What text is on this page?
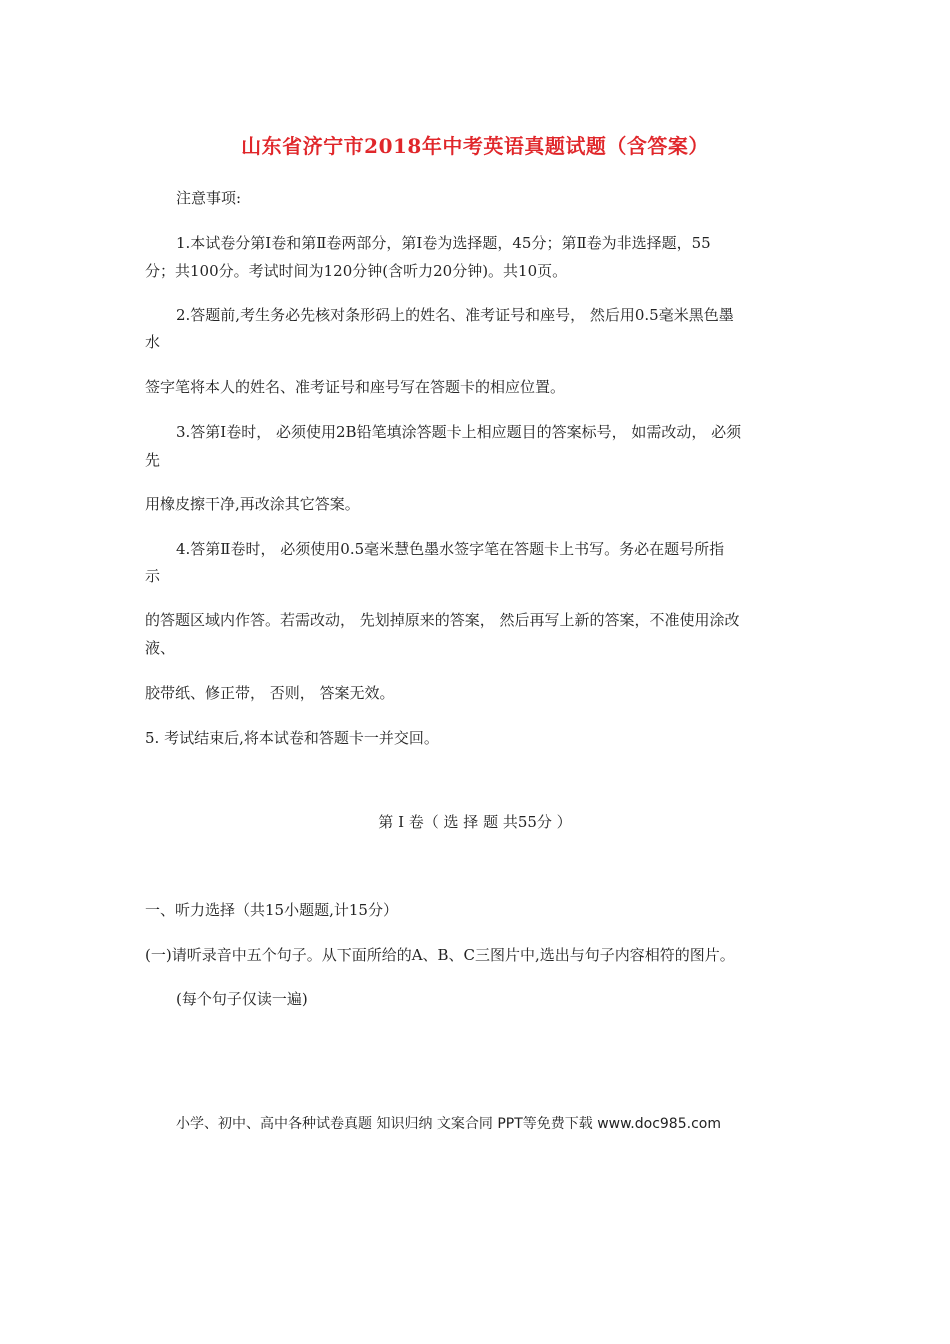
山东省济宁市2018年中考英语真题试题（含答案）

注意事项:

1.本试卷分第Ⅰ卷和第Ⅱ卷两部分，第Ⅰ卷为选择题，45分；第Ⅱ卷为非选择题，55

分；共100分。考试时间为120分钟(含听力20分钟)。共10页。

2.答题前,考生务必先核对条形码上的姓名、准考证号和座号， 然后用0.5毫米黑色墨

水

签字笔将本人的姓名、准考证号和座号写在答题卡的相应位置。

3.答第Ⅰ卷时， 必须使用2B铅笔填涂答题卡上相应题目的答案标号， 如需改动， 必须

先

用橡皮擦干净,再改涂其它答案。

4.答第Ⅱ卷时， 必须使用0.5毫米慧色墨水签字笔在答题卡上书写。务必在题号所指

示

的答题区域内作答。若需改动， 先划掉原来的答案， 然后再写上新的答案，不准使用涂改

液、

胶带纸、修正带， 否则， 答案无效。

5. 考试结束后,将本试卷和答题卡一并交回。

第 Ⅰ 卷（ 选 择 题 共55分 ）

一、听力选择（共15小题题,计15分）

(一)请听录音中五个句子。从下面所给的A、B、C三图片中,选出与句子内容相符的图片。

(每个句子仅读一遍)

小学、初中、高中各种试卷真题 知识归纳 文案合同 PPT等免费下载 www.doc985.com
